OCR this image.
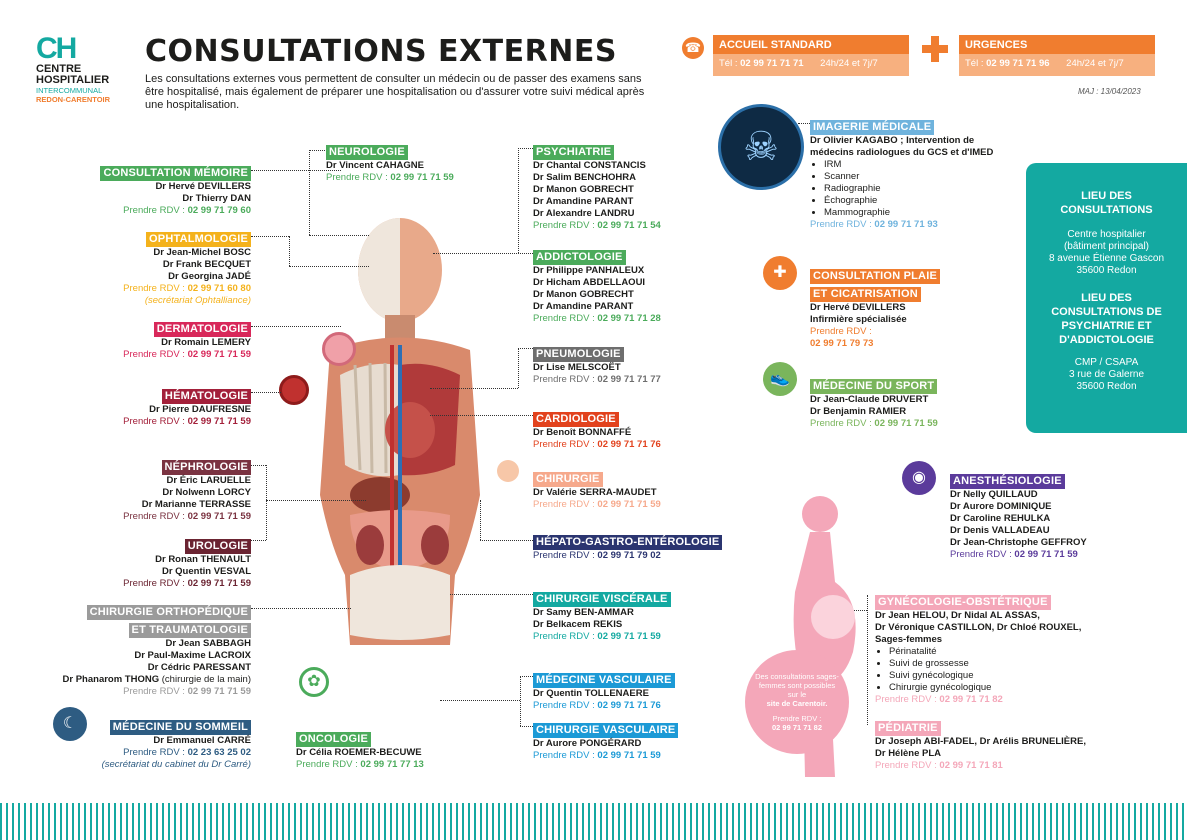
CH
CENTRE
HOSPITALIER
INTERCOMMUNAL
REDON-CARENTOIR
CONSULTATIONS EXTERNES
Les consultations externes vous permettent de consulter un médecin ou de passer des examens sans être hospitalisé, mais également de préparer une hospitalisation ou d'assurer votre suivi médical après une hospitalisation.
☎	ACCUEIL STANDARD
Tél : 02 99 71 71 71 24h/24 et 7j/7
URGENCES
Tél : 02 99 71 71 96 24h/24 et 7j/7
MAJ : 13/04/2023
✿
CONSULTATION MÉMOIRE
Dr Hervé DEVILLERS
Dr Thierry DAN
Prendre RDV : 02 99 71 79 60
OPHTALMOLOGIE
Dr Jean-Michel BOSC
Dr Frank BECQUET
Dr Georgina JADÉ
Prendre RDV : 02 99 71 60 80
(secrétariat Ophtalliance)
DERMATOLOGIE
Dr Romain LEMERY
Prendre RDV : 02 99 71 71 59
HÉMATOLOGIE
Dr Pierre DAUFRESNE
Prendre RDV : 02 99 71 71 59
NÉPHROLOGIE
Dr Éric LARUELLE
Dr Nolwenn LORCY
Dr Marianne TERRASSE
Prendre RDV : 02 99 71 71 59
UROLOGIE
Dr Ronan THENAULT
Dr Quentin VESVAL
Prendre RDV : 02 99 71 71 59
CHIRURGIE ORTHOPÉDIQUE
ET TRAUMATOLOGIE
Dr Jean SABBAGH
Dr Paul-Maxime LACROIX
Dr Cédric PARESSANT
Dr Phanarom THONG (chirurgie de la main)
Prendre RDV : 02 99 71 71 59
☾	MÉDECINE DU SOMMEIL
Dr Emmanuel CARRÉ
Prendre RDV : 02 23 63 25 02
(secrétariat du cabinet du Dr Carré)
NEUROLOGIE
Dr Vincent CAHAGNE
Prendre RDV : 02 99 71 71 59
ONCOLOGIE
Dr Célia ROEMER-BECUWE
Prendre RDV : 02 99 71 77 13
PSYCHIATRIE
Dr Chantal CONSTANCIS
Dr Salim BENCHOHRA
Dr Manon GOBRECHT
Dr Amandine PARANT
Dr Alexandre LANDRU
Prendre RDV : 02 99 71 71 54
ADDICTOLOGIE
Dr Philippe PANHALEUX
Dr Hicham ABDELLAOUI
Dr Manon GOBRECHT
Dr Amandine PARANT
Prendre RDV : 02 99 71 71 28
PNEUMOLOGIE
Dr Lise MELSCOËT
Prendre RDV : 02 99 71 71 77
CARDIOLOGIE
Dr Benoît BONNAFFÉ
Prendre RDV : 02 99 71 71 76
CHIRURGIE
Dr Valérie SERRA-MAUDET
Prendre RDV : 02 99 71 71 59
HÉPATO-GASTRO-ENTÉROLOGIE
Prendre RDV : 02 99 71 79 02
CHIRURGIE VISCÉRALE
Dr Samy BEN-AMMAR
Dr Belkacem REKIS
Prendre RDV : 02 99 71 71 59
MÉDECINE VASCULAIRE
Dr Quentin TOLLENAERE
Prendre RDV : 02 99 71 71 76
CHIRURGIE VASCULAIRE
Dr Aurore PONGÉRARD
Prendre RDV : 02 99 71 71 59
☠	IMAGERIE MÉDICALE
Dr Olivier KAGABO ; Intervention de médecins radiologues du GCS et d'IMED
• IRM
• Scanner
• Radiographie
• Échographie
• Mammographie
Prendre RDV : 02 99 71 71 93
✚	CONSULTATION PLAIE
ET CICATRISATION
Dr Hervé DEVILLERS
Infirmière spécialisée
Prendre RDV :
02 99 71 79 73
👟	MÉDECINE DU SPORT
Dr Jean-Claude DRUVERT
Dr Benjamin RAMIER
Prendre RDV : 02 99 71 71 59
LIEU DES CONSULTATIONS
Centre hospitalier
(bâtiment principal)
8 avenue Étienne Gascon
35600 Redon
LIEU DES CONSULTATIONS DE PSYCHIATRIE ET D'ADDICTOLOGIE
CMP / CSAPA
3 rue de Galerne
35600 Redon
◉	ANESTHÉSIOLOGIE
Dr Nelly QUILLAUD
Dr Aurore DOMINIQUE
Dr Caroline REHULKA
Dr Denis VALLADEAU
Dr Jean-Christophe GEFFROY
Prendre RDV : 02 99 71 71 59
Des consultations sages-femmes sont possibles sur le
site de Carentoir.
Prendre RDV :
02 99 71 71 82
GYNÉCOLOGIE-OBSTÉTRIQUE
Dr Jean HELOU, Dr Nidal AL ASSAS,
Dr Véronique CASTILLON, Dr Chloé ROUXEL,
Sages-femmes
• Périnatalité
• Suivi de grossesse
• Suivi gynécologique
• Chirurgie gynécologique
Prendre RDV : 02 99 71 71 82
PÉDIATRIE
Dr Joseph ABI-FADEL, Dr Arélis BRUNELIÈRE,
Dr Hélène PLA
Prendre RDV : 02 99 71 71 81
